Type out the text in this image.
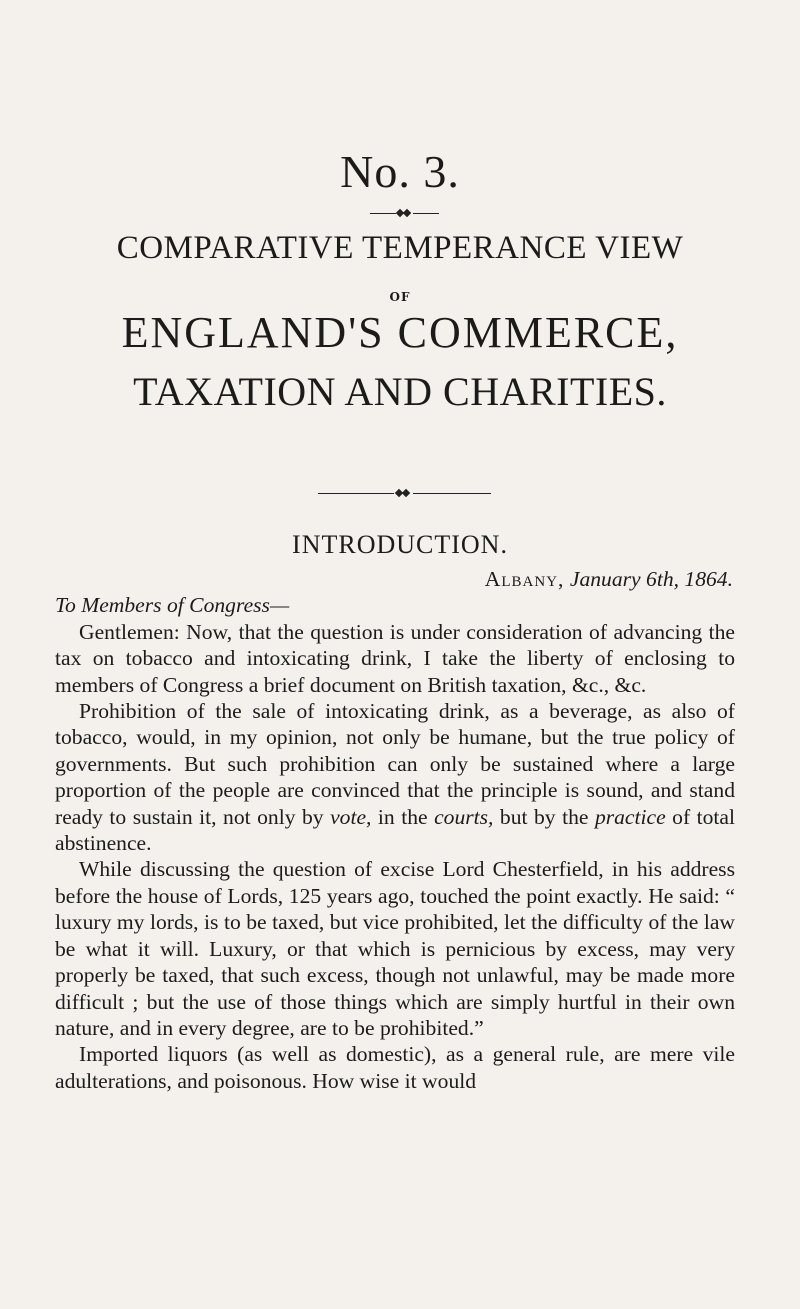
No. 3.
COMPARATIVE TEMPERANCE VIEW
OF
ENGLAND'S COMMERCE,
TAXATION AND CHARITIES.
INTRODUCTION.

Albany, January 6th, 1864.

To Members of Congress—

Gentlemen: Now, that the question is under consideration of advancing the tax on tobacco and intoxicating drink, I take the liberty of enclosing to members of Congress a brief document on British taxation, &c., &c.

Prohibition of the sale of intoxicating drink, as a beverage, as also of tobacco, would, in my opinion, not only be humane, but the true policy of governments. But such prohibition can only be sustained where a large proportion of the people are convinced that the principle is sound, and stand ready to sustain it, not only by vote, in the courts, but by the practice of total abstinence.

While discussing the question of excise Lord Chesterfield, in his address before the house of Lords, 125 years ago, touched the point exactly. He said: “ luxury my lords, is to be taxed, but vice prohibited, let the difficulty of the law be what it will. Luxury, or that which is pernicious by excess, may very properly be taxed, that such excess, though not unlawful, may be made more difficult ; but the use of those things which are simply hurtful in their own nature, and in every degree, are to be prohibited.”

Imported liquors (as well as domestic), as a general rule, are mere vile adulterations, and poisonous. How wise it would
